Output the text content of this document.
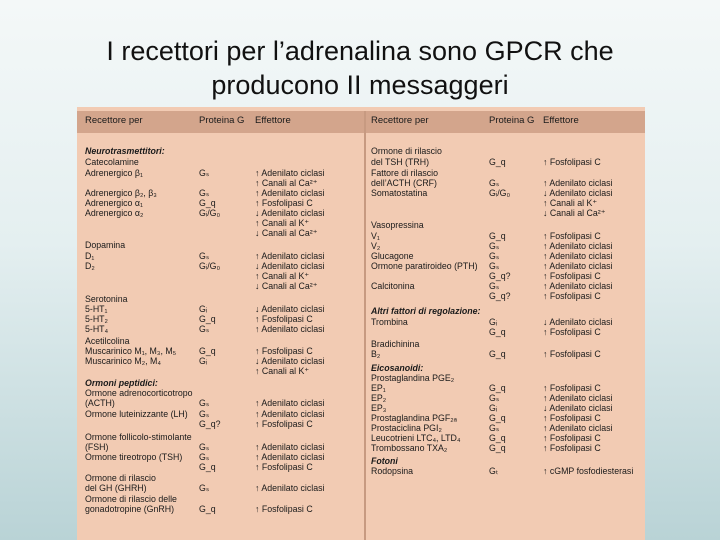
I recettori per l’adrenalina sono GPCR che
producono II messaggeri
Recettore per	Proteina G Effettore
Neurotrasmettitori:
Catecolamine
Adrenergico β₁	Gₛ	↑ Adenilato ciclasi
↑ Canali al Ca²⁺
Adrenergico β₂, β₃	Gₛ	↑ Adenilato ciclasi
Adrenergico α₁	G_q	↑ Fosfolipasi C
Adrenergico α₂	Gᵢ/G₀	↓ Adenilato ciclasi
↑ Canali al K⁺
↓ Canali al Ca²⁺
Dopamina
D₁	Gₛ	↑ Adenilato ciclasi
D₂	Gᵢ/G₀	↓ Adenilato ciclasi
↑ Canali al K⁺
↓ Canali al Ca²⁺
Serotonina
5-HT₁	Gᵢ	↓ Adenilato ciclasi
5-HT₂	G_q	↑ Fosfolipasi C
5-HT₄	Gₛ	↑ Adenilato ciclasi
Acetilcolina
Muscarinico M₁, M₃, M₅	G_q	↑ Fosfolipasi C
Muscarinico M₂, M₄	Gᵢ	↓ Adenilato ciclasi
↑ Canali al K⁺
Ormoni peptidici:
Ormone adrenocorticotropo
(ACTH)	Gₛ	↑ Adenilato ciclasi
Ormone luteinizzante (LH) Gₛ	↑ Adenilato ciclasi
G_q?	↑ Fosfolipasi C
Ormone follicolo-stimolante
(FSH)	Gₛ	↑ Adenilato ciclasi
Ormone tireotropo (TSH) Gₛ	↑ Adenilato ciclasi
G_q	↑ Fosfolipasi C
Ormone di rilascio
del GH (GHRH)	Gₛ	↑ Adenilato ciclasi
Ormone di rilascio delle
gonadotropine (GnRH)	G_q	↑ Fosfolipasi C
Recettore per	Proteina G Effettore
Ormone di rilascio
del TSH (TRH)	G_q	↑ Fosfolipasi C
Fattore di rilascio
dell’ACTH (CRF)	Gₛ	↑ Adenilato ciclasi
Somatostatina	Gᵢ/G₀	↓ Adenilato ciclasi
↑ Canali al K⁺
↓ Canali al Ca²⁺
Vasopressina
V₁	G_q	↑ Fosfolipasi C
V₂	Gₛ	↑ Adenilato ciclasi
Glucagone	Gₛ	↑ Adenilato ciclasi
Ormone paratiroideo (PTH) Gₛ	↑ Adenilato ciclasi
G_q?	↑ Fosfolipasi C
Calcitonina	Gₛ	↑ Adenilato ciclasi
G_q?	↑ Fosfolipasi C
Altri fattori di regolazione:
Trombina	Gᵢ	↓ Adenilato ciclasi
G_q	↑ Fosfolipasi C
Bradichinina
B₂	G_q	↑ Fosfolipasi C
Eicosanoidi:
Prostaglandina PGE₂
EP₁	G_q	↑ Fosfolipasi C
EP₂	Gₛ	↑ Adenilato ciclasi
EP₃	Gᵢ	↓ Adenilato ciclasi
Prostaglandina PGF₂ₐ	G_q	↑ Fosfolipasi C
Prostaciclina PGI₂	Gₛ	↑ Adenilato ciclasi
Leucotrieni LTC₄, LTD₄	G_q	↑ Fosfolipasi C
Trombossano TXA₂	G_q	↑ Fosfolipasi C
Fotoni
Rodopsina	Gₜ	↑ cGMP fosfodiesterasi
